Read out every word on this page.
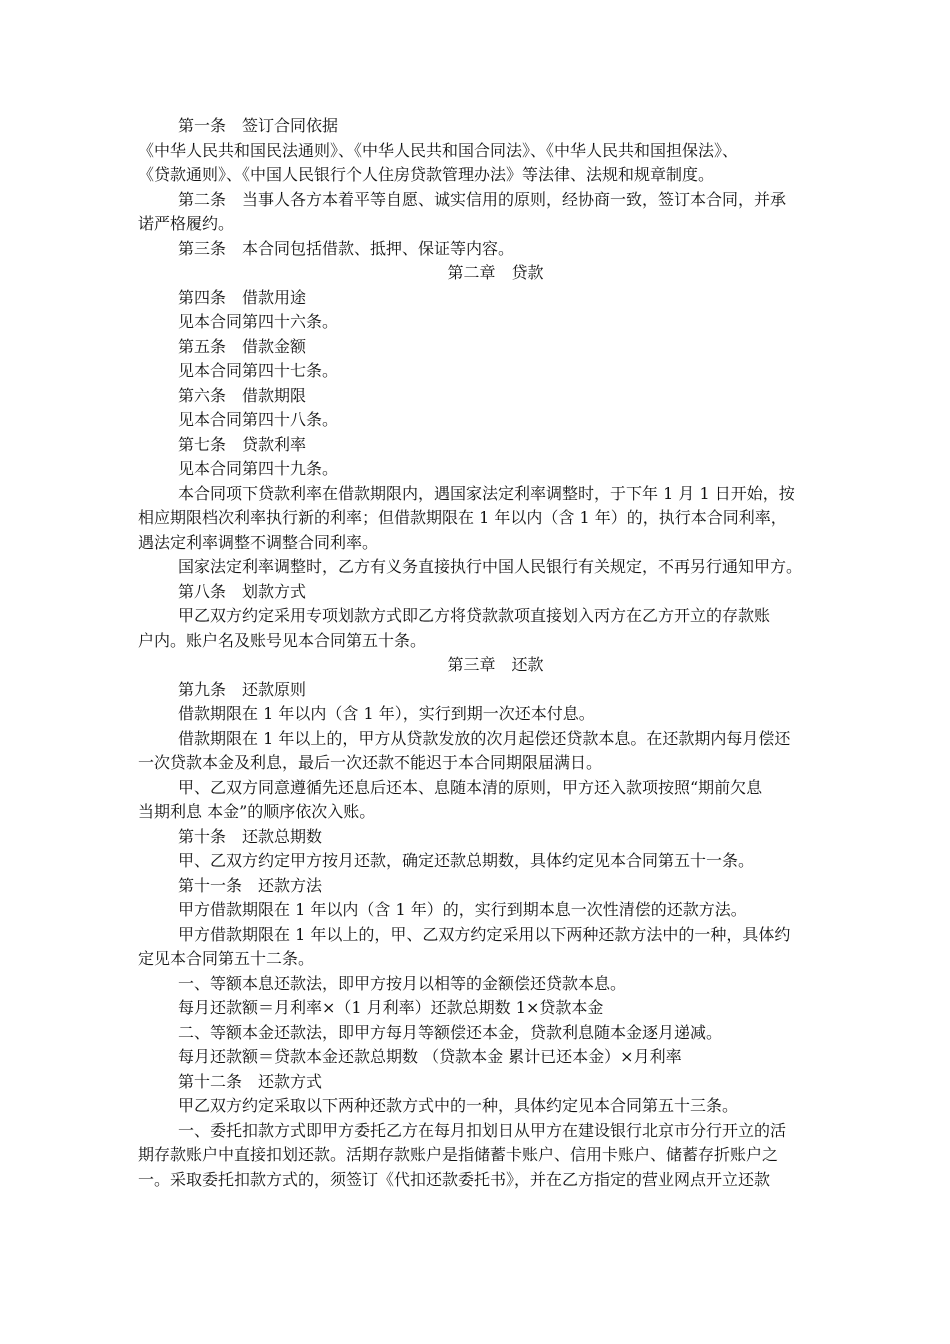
第一条 签订合同依据
《中华人民共和国民法通则》、《中华人民共和国合同法》、《中华人民共和国担保法》、
《贷款通则》、《中国人民银行个人住房贷款管理办法》等法律、法规和规章制度。
第二条 当事人各方本着平等自愿、诚实信用的原则，经协商一致，签订本合同，并承
诺严格履约。
第三条 本合同包括借款、抵押、保证等内容。
第二章 贷款
第四条 借款用途
见本合同第四十六条。
第五条 借款金额
见本合同第四十七条。
第六条 借款期限
见本合同第四十八条。
第七条 贷款利率
见本合同第四十九条。
本合同项下贷款利率在借款期限内，遇国家法定利率调整时，于下年 1 月 1 日开始，按
相应期限档次利率执行新的利率；但借款期限在 1 年以内（含 1 年）的，执行本合同利率，
遇法定利率调整不调整合同利率。
国家法定利率调整时，乙方有义务直接执行中国人民银行有关规定，不再另行通知甲方。
第八条 划款方式
甲乙双方约定采用专项划款方式即乙方将贷款款项直接划入丙方在乙方开立的存款账
户内。账户名及账号见本合同第五十条。
第三章 还款
第九条 还款原则
借款期限在 1 年以内（含 1 年），实行到期一次还本付息。
借款期限在 1 年以上的，甲方从贷款发放的次月起偿还贷款本息。在还款期内每月偿还
一次贷款本金及利息，最后一次还款不能迟于本合同期限届满日。
甲、乙双方同意遵循先还息后还本、息随本清的原则，甲方还入款项按照“期前欠息
当期利息 本金”的顺序依次入账。
第十条 还款总期数
甲、乙双方约定甲方按月还款，确定还款总期数，具体约定见本合同第五十一条。
第十一条 还款方法
甲方借款期限在 1 年以内（含 1 年）的，实行到期本息一次性清偿的还款方法。
甲方借款期限在 1 年以上的，甲、乙双方约定采用以下两种还款方法中的一种，具体约
定见本合同第五十二条。
一、等额本息还款法，即甲方按月以相等的金额偿还贷款本息。
每月还款额＝月利率×（1 月利率）还款总期数 1×贷款本金
二、等额本金还款法，即甲方每月等额偿还本金，贷款利息随本金逐月递减。
每月还款额＝贷款本金还款总期数 （贷款本金 累计已还本金）×月利率
第十二条 还款方式
甲乙双方约定采取以下两种还款方式中的一种，具体约定见本合同第五十三条。
一、委托扣款方式即甲方委托乙方在每月扣划日从甲方在建设银行北京市分行开立的活
期存款账户中直接扣划还款。活期存款账户是指储蓄卡账户、信用卡账户、储蓄存折账户之
一。采取委托扣款方式的，须签订《代扣还款委托书》，并在乙方指定的营业网点开立还款
